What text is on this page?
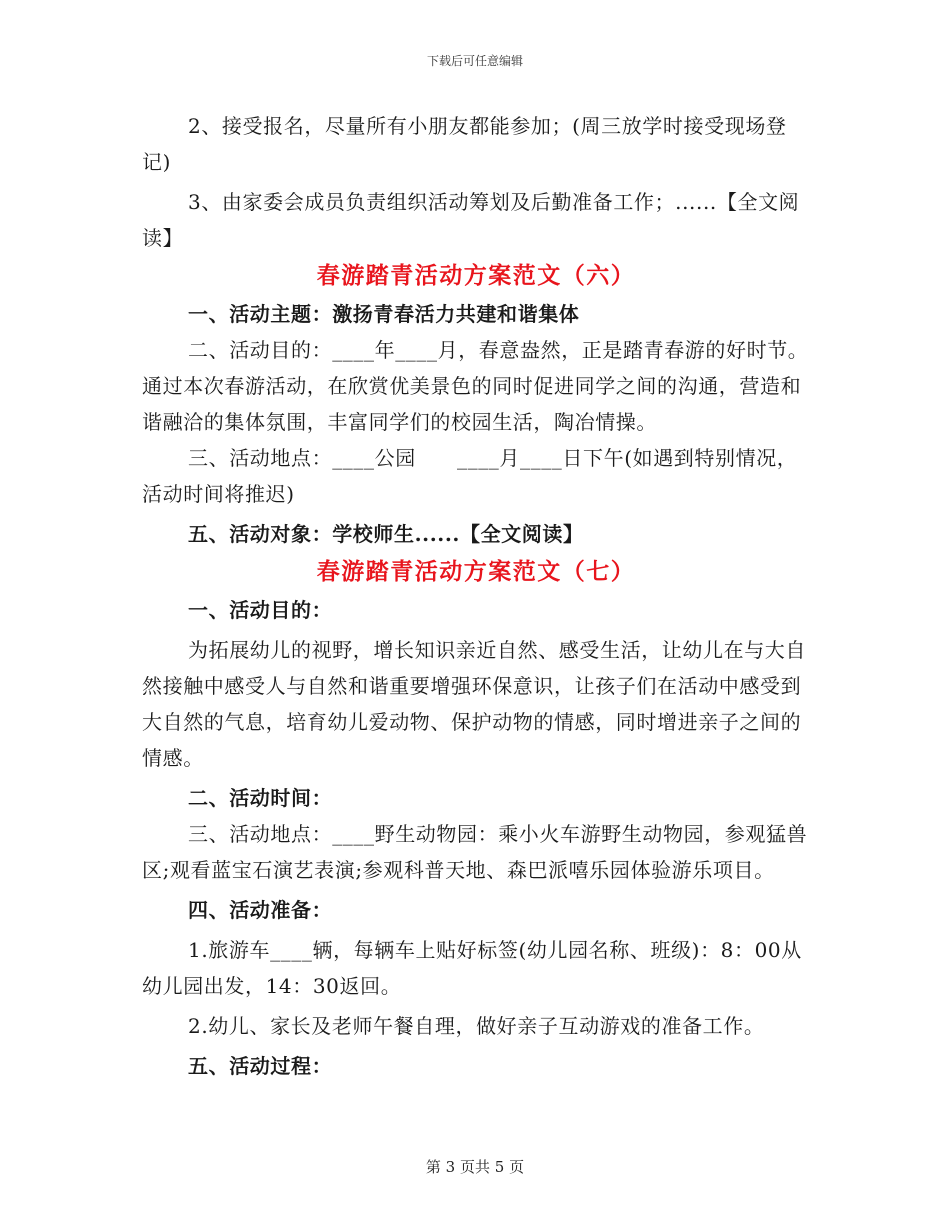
下载后可任意编辑

2、接受报名，尽量所有小朋友都能参加；(周三放学时接受现场登记)

3、由家委会成员负责组织活动筹划及后勤准备工作；......【全文阅读】

春游踏青活动方案范文（六）

一、活动主题：激扬青春活力共建和谐集体

二、活动目的：____年____月，春意盎然，正是踏青春游的好时节。通过本次春游活动，在欣赏优美景色的同时促进同学之间的沟通，营造和谐融洽的集体氛围，丰富同学们的校园生活，陶冶情操。

三、活动地点：____公园　　____月____日下午(如遇到特别情况，活动时间将推迟)

五、活动对象：学校师生......【全文阅读】

春游踏青活动方案范文（七）

一、活动目的：

为拓展幼儿的视野，增长知识亲近自然、感受生活，让幼儿在与大自然接触中感受人与自然和谐重要增强环保意识，让孩子们在活动中感受到大自然的气息，培育幼儿爱动物、保护动物的情感，同时增进亲子之间的情感。

二、活动时间：

三、活动地点：____野生动物园：乘小火车游野生动物园，参观猛兽区;观看蓝宝石演艺表演;参观科普天地、森巴派嘻乐园体验游乐项目。

四、活动准备：

1.旅游车____辆，每辆车上贴好标签(幼儿园名称、班级)：8：00从幼儿园出发，14：30返回。

2.幼儿、家长及老师午餐自理，做好亲子互动游戏的准备工作。

五、活动过程：

第 3 页共 5 页
